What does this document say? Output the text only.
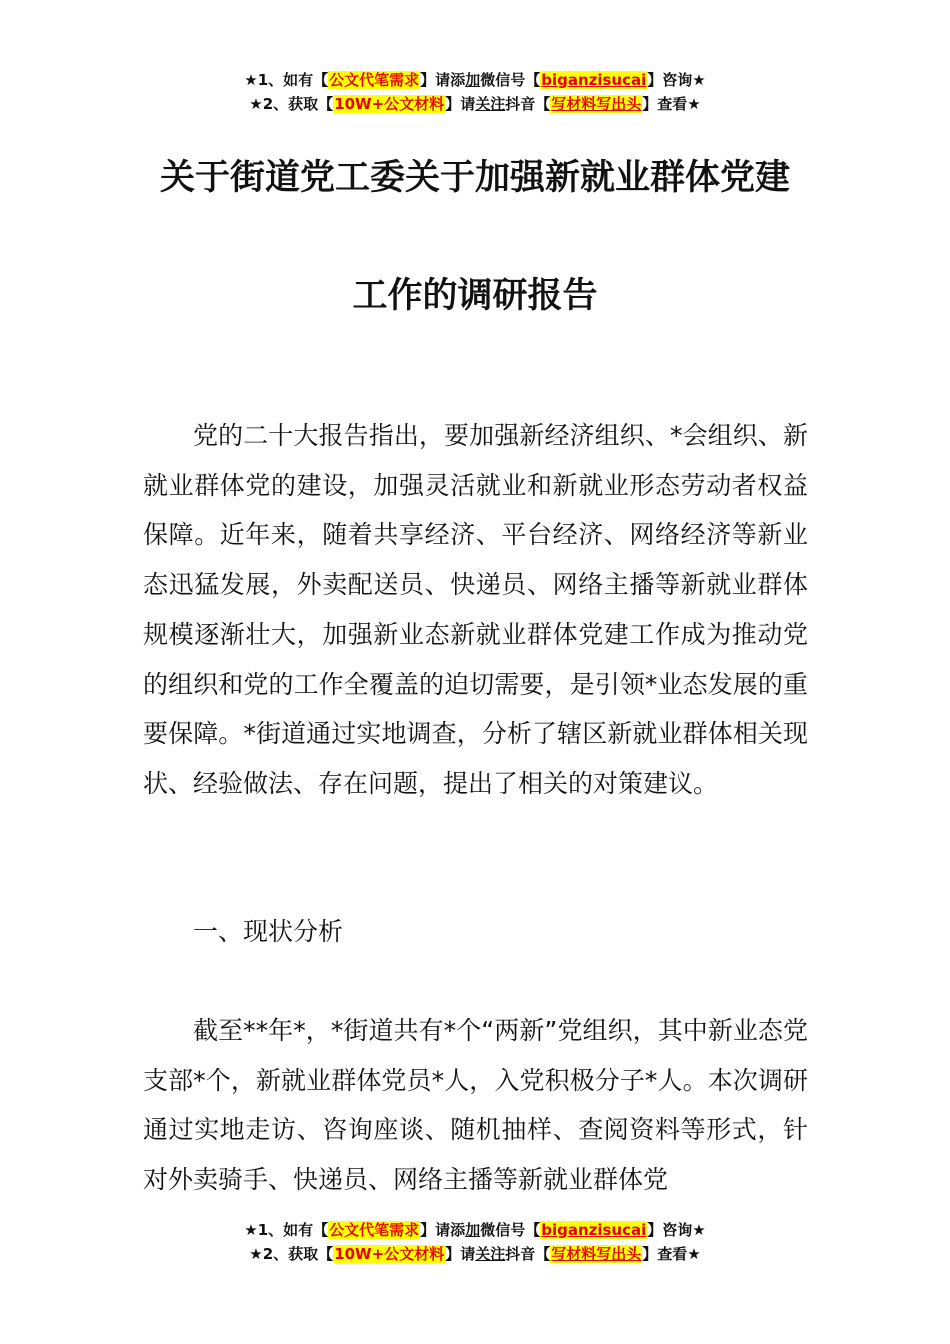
★1、如有【公文代笔需求】请添加微信号【biganzisucai】咨询★
★2、获取【10W+公文材料】请关注抖音【写材料写出头】查看★
关于街道党工委关于加强新就业群体党建
工作的调研报告
党的二十大报告指出，要加强新经济组织、*会组织、新就业群体党的建设，加强灵活就业和新就业形态劳动者权益保障。近年来，随着共享经济、平台经济、网络经济等新业态迅猛发展，外卖配送员、快递员、网络主播等新就业群体规模逐渐壮大，加强新业态新就业群体党建工作成为推动党的组织和党的工作全覆盖的迫切需要，是引领*业态发展的重要保障。*街道通过实地调查，分析了辖区新就业群体相关现状、经验做法、存在问题，提出了相关的对策建议。
一、现状分析
截至**年*，*街道共有*个“两新”党组织，其中新业态党支部*个，新就业群体党员*人，入党积极分子*人。本次调研通过实地走访、咨询座谈、随机抽样、查阅资料等形式，针对外卖骑手、快递员、网络主播等新就业群体党
★1、如有【公文代笔需求】请添加微信号【biganzisucai】咨询★
★2、获取【10W+公文材料】请关注抖音【写材料写出头】查看★
